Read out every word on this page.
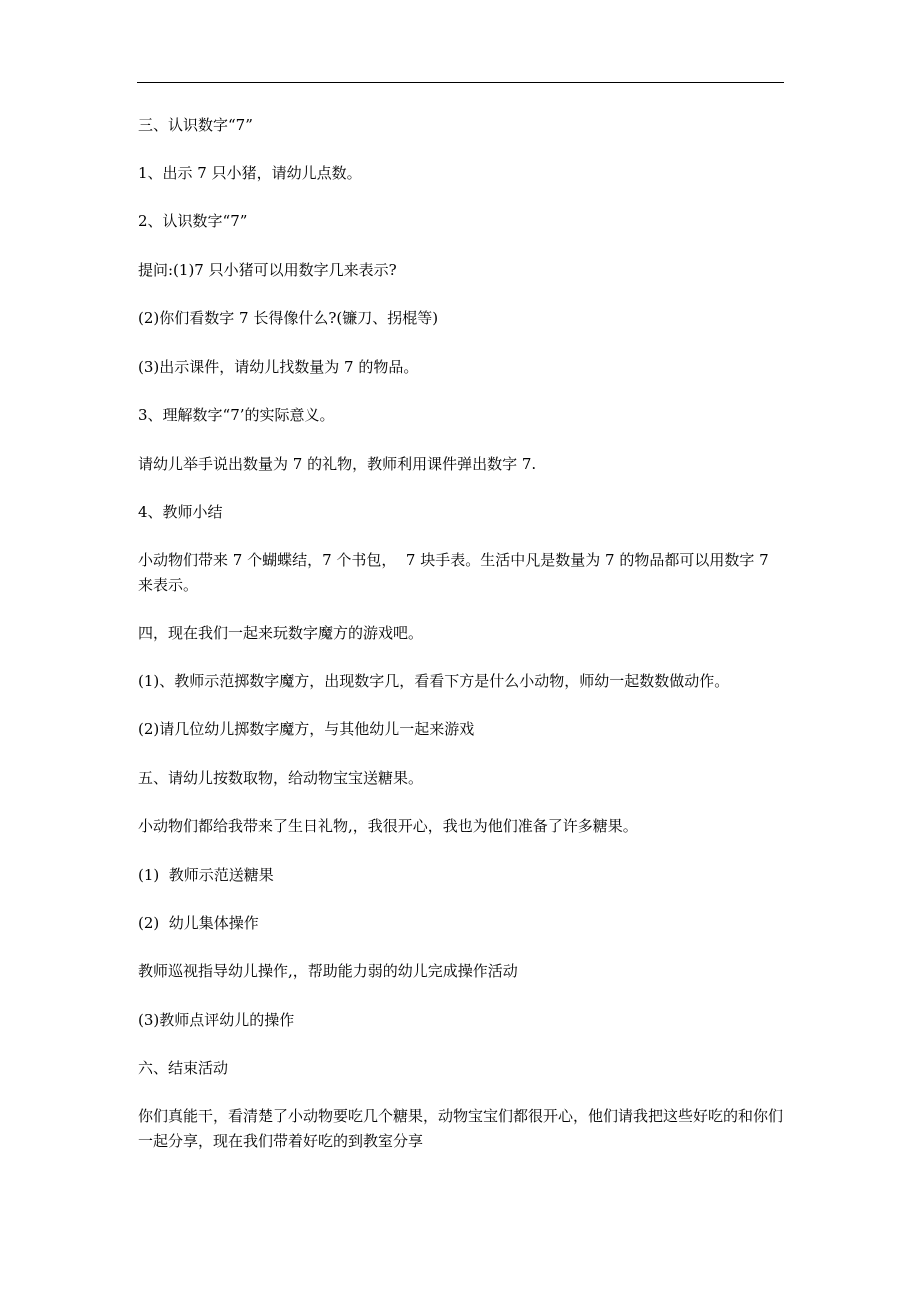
三、认识数字“7”

1、出示 7 只小猪，请幼儿点数。

2、认识数字“7”

提问:(1)7 只小猪可以用数字几来表示?

(2)你们看数字 7 长得像什么?(镰刀、拐棍等)

(3)出示课件，请幼儿找数量为 7 的物品。

3、理解数字“7’的实际意义。

请幼儿举手说出数量为 7 的礼物，教师利用课件弹出数字 7.

4、教师小结

小动物们带来 7 个蝴蝶结，7 个书包，  7 块手表。生活中凡是数量为 7 的物品都可以用数字 7 来表示。

四，现在我们一起来玩数字魔方的游戏吧。

(1)、教师示范掷数字魔方，出现数字几，看看下方是什么小动物，师幼一起数数做动作。

(2)请几位幼儿掷数字魔方，与其他幼儿一起来游戏

五、请幼儿按数取物，给动物宝宝送糖果。

小动物们都给我带来了生日礼物,，我很开心，我也为他们准备了许多糖果。

(1)  教师示范送糖果

(2)  幼儿集体操作

教师巡视指导幼儿操作,，帮助能力弱的幼儿完成操作活动

(3)教师点评幼儿的操作

六、结束活动

你们真能干，看清楚了小动物要吃几个糖果，动物宝宝们都很开心，他们请我把这些好吃的和你们一起分享，现在我们带着好吃的到教室分享
